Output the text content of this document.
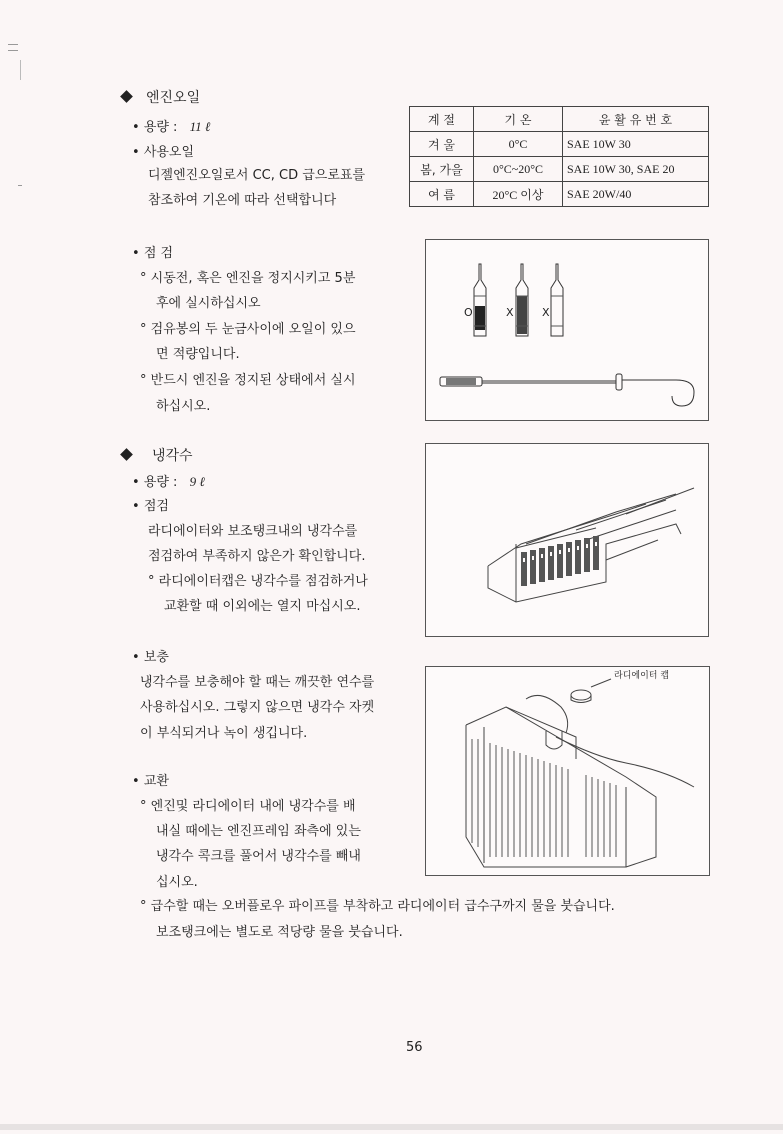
엔진오일
• 용량 : 11 ℓ
• 사용오일
디젤엔진오일로서 CC, CD 급으로표를
참조하여 기온에 따라 선택합니다
계 절	기 온	윤 활 유 번 호
겨 울	0°C	SAE 10W 30
봄, 가을	0°C~20°C	SAE 10W 30, SAE 20
여 름	20°C 이상	SAE 20W/40
• 점 검
° 시동전, 혹은 엔진을 정지시키고 5분
후에 실시하십시오
° 검유봉의 두 눈금사이에 오일이 있으
면 적량입니다.
° 반드시 엔진을 정지된 상태에서 실시
하십시오.
O	X	X
냉각수
• 용량 : 9 ℓ
• 점검
라디에이터와 보조탱크내의 냉각수를
점검하여 부족하지 않은가 확인합니다.
° 라디에이터캡은 냉각수를 점검하거나
교환할 때 이외에는 열지 마십시오.
• 보충
냉각수를 보충해야 할 때는 깨끗한 연수를
사용하십시오. 그렇지 않으면 냉각수 자켓
이 부식되거나 녹이 생깁니다.
• 교환
° 엔진및 라디에이터 내에 냉각수를 배
내실 때에는 엔진프레임 좌측에 있는
냉각수 콕크를 풀어서 냉각수를 빼내
십시오.
° 급수할 때는 오버플로우 파이프를 부착하고 라디에이터 급수구까지 물을 붓습니다.
보조탱크에는 별도로 적당량 물을 붓습니다.
라디에이터 캡
56
